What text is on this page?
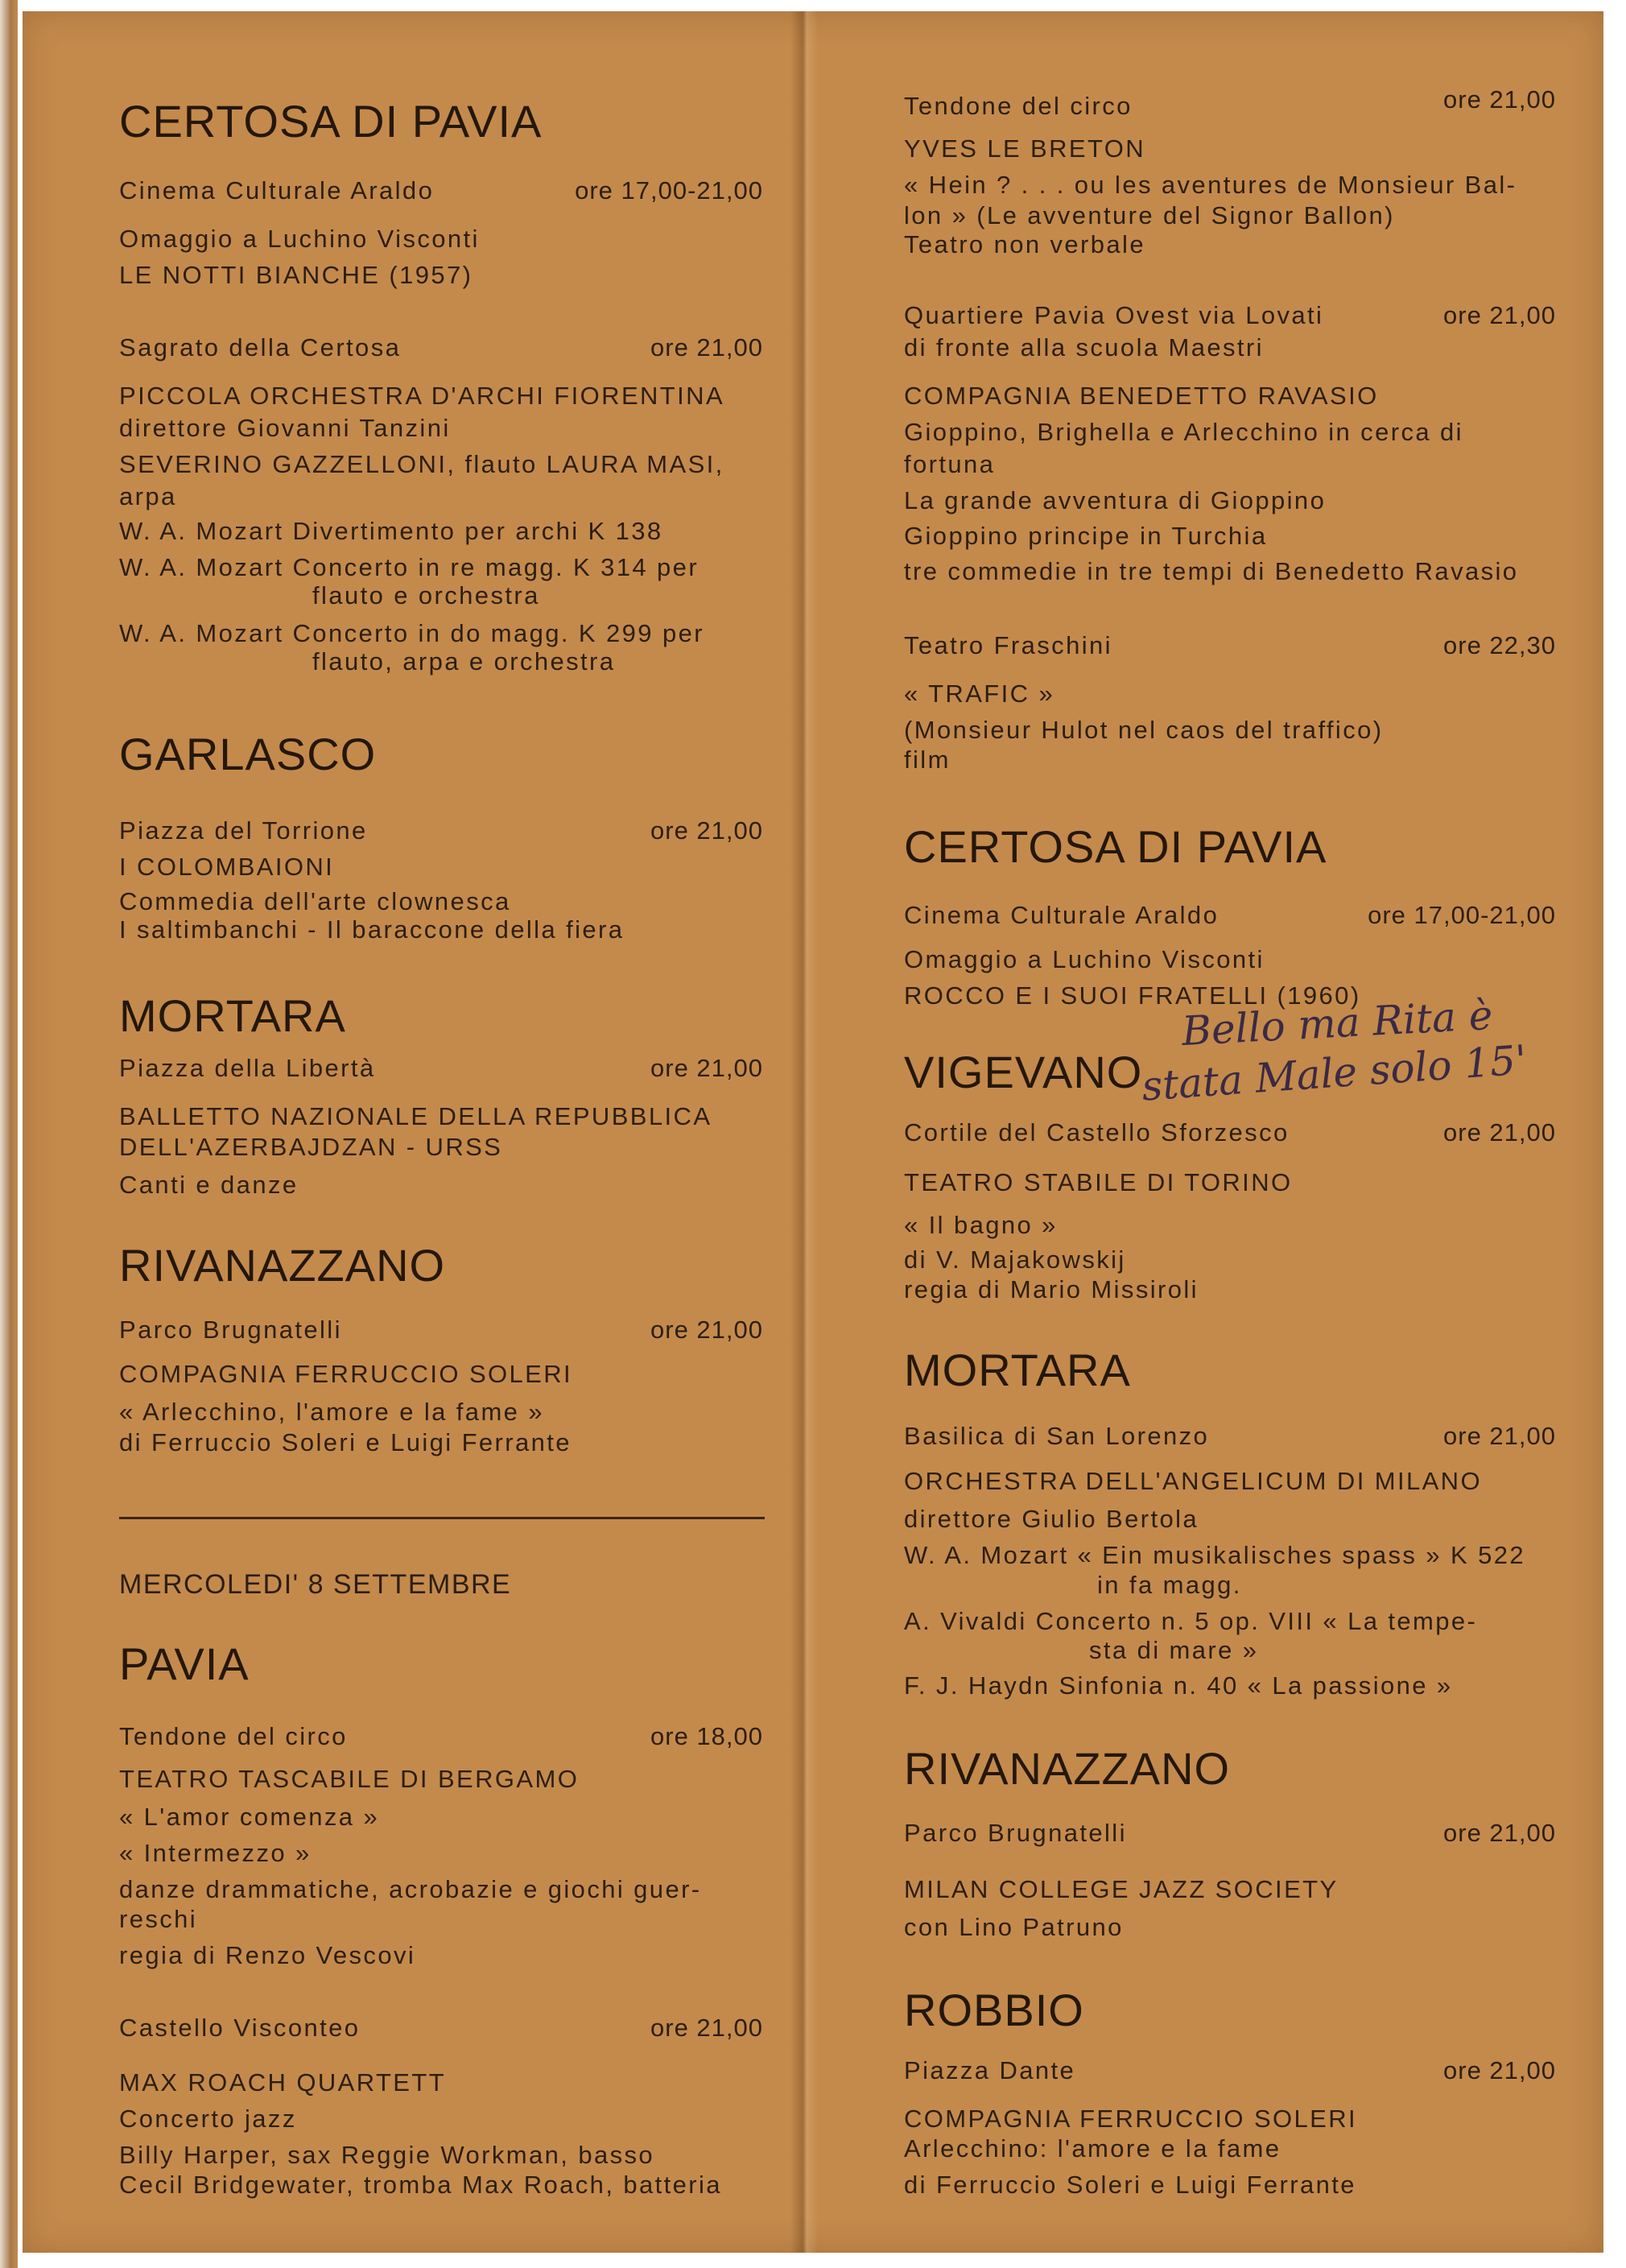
CERTOSA DI PAVIA
Cinema Culturale Araldo	ore 17,00-21,00
Omaggio a Luchino Visconti
LE NOTTI BIANCHE (1957)
Sagrato della Certosa	ore 21,00
PICCOLA ORCHESTRA D'ARCHI FIORENTINA
direttore Giovanni Tanzini
SEVERINO GAZZELLONI, flauto LAURA MASI,
arpa
W. A. Mozart Divertimento per archi K 138
W. A. Mozart Concerto in re magg. K 314 per
flauto e orchestra
W. A. Mozart Concerto in do magg. K 299 per
flauto, arpa e orchestra
GARLASCO
Piazza del Torrione	ore 21,00
I COLOMBAIONI
Commedia dell'arte clownesca
I saltimbanchi - Il baraccone della fiera
MORTARA
Piazza della Libertà	ore 21,00
BALLETTO NAZIONALE DELLA REPUBBLICA
DELL'AZERBAJDZAN - URSS
Canti e danze
RIVANAZZANO
Parco Brugnatelli	ore 21,00
COMPAGNIA FERRUCCIO SOLERI
« Arlecchino, l'amore e la fame »
di Ferruccio Soleri e Luigi Ferrante
MERCOLEDI' 8 SETTEMBRE
PAVIA
Tendone del circo	ore 18,00
TEATRO TASCABILE DI BERGAMO
« L'amor comenza »
« Intermezzo »
danze drammatiche, acrobazie e giochi guer-
reschi
regia di Renzo Vescovi
Castello Visconteo	ore 21,00
MAX ROACH QUARTETT
Concerto jazz
Billy Harper, sax Reggie Workman, basso
Cecil Bridgewater, tromba Max Roach, batteria
Tendone del circo	ore 21,00
YVES LE BRETON
« Hein ? . . . ou les aventures de Monsieur Bal-
lon » (Le avventure del Signor Ballon)
Teatro non verbale
Quartiere Pavia Ovest via Lovati	ore 21,00
di fronte alla scuola Maestri
COMPAGNIA BENEDETTO RAVASIO
Gioppino, Brighella e Arlecchino in cerca di
fortuna
La grande avventura di Gioppino
Gioppino principe in Turchia
tre commedie in tre tempi di Benedetto Ravasio
Teatro Fraschini	ore 22,30
« TRAFIC »
(Monsieur Hulot nel caos del traffico)
film
CERTOSA DI PAVIA
Cinema Culturale Araldo	ore 17,00-21,00
Omaggio a Luchino Visconti
ROCCO E I SUOI FRATELLI (1960)
VIGEVANO
Cortile del Castello Sforzesco	ore 21,00
TEATRO STABILE DI TORINO
« Il bagno »
di V. Majakowskij
regia di Mario Missiroli
MORTARA
Basilica di San Lorenzo	ore 21,00
ORCHESTRA DELL'ANGELICUM DI MILANO
direttore Giulio Bertola
W. A. Mozart « Ein musikalisches spass » K 522
in fa magg.
A. Vivaldi Concerto n. 5 op. VIII « La tempe-
sta di mare »
F. J. Haydn Sinfonia n. 40 « La passione »
RIVANAZZANO
Parco Brugnatelli	ore 21,00
MILAN COLLEGE JAZZ SOCIETY
con Lino Patruno
ROBBIO
Piazza Dante	ore 21,00
COMPAGNIA FERRUCCIO SOLERI
Arlecchino: l'amore e la fame
di Ferruccio Soleri e Luigi Ferrante
Bello ma Rita è
stata Male solo 15'
